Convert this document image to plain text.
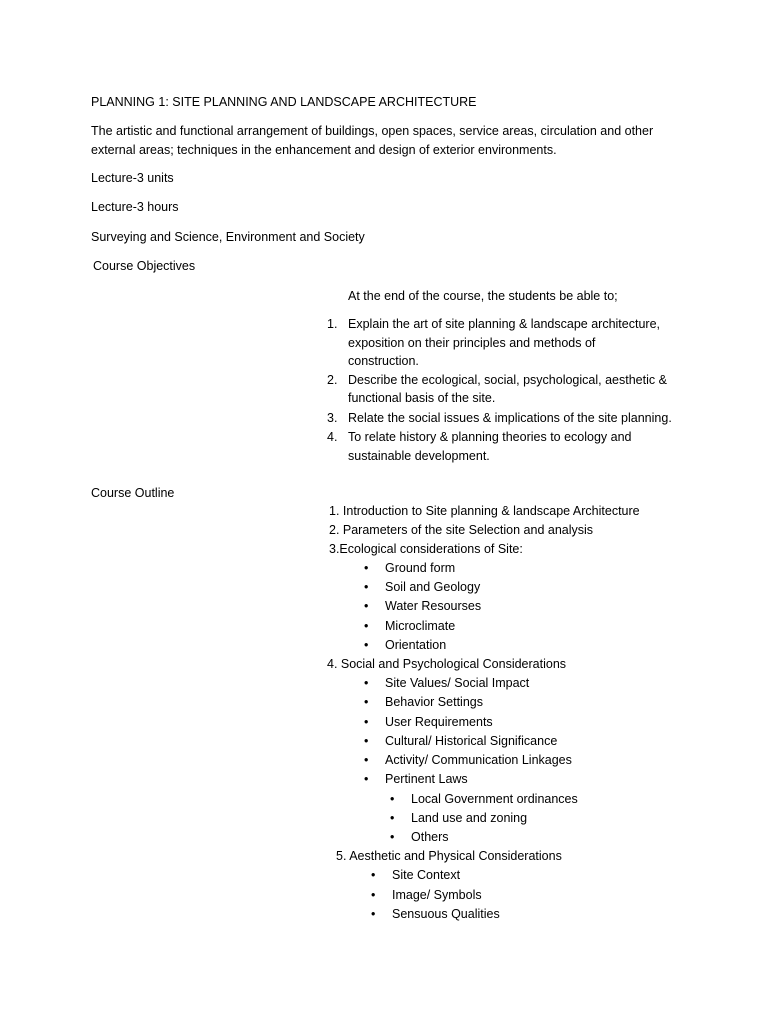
PLANNING 1: SITE PLANNING AND LANDSCAPE ARCHITECTURE
The artistic and functional arrangement of buildings, open spaces, service areas, circulation and other
external areas; techniques in the enhancement and design of exterior environments.
Lecture-3 units
Lecture-3 hours
Surveying and Science, Environment and Society
Course Objectives
At the end of the course, the students be able to;
1. Explain the art of site planning & landscape architecture,
exposition on their principles and methods of
construction.
2. Describe the ecological, social, psychological, aesthetic &
functional basis of the site.
3. Relate the social issues & implications of the site planning.
4. To relate history & planning theories to ecology and
sustainable development.
Course Outline
1. Introduction to Site planning & landscape Architecture
2. Parameters of the site Selection and analysis
3.Ecological considerations of Site:
• Ground form
• Soil and Geology
• Water Resourses
• Microclimate
• Orientation
4. Social and Psychological Considerations
• Site Values/ Social Impact
• Behavior Settings
• User Requirements
• Cultural/ Historical Significance
• Activity/ Communication Linkages
• Pertinent Laws
• Local Government ordinances
• Land use and zoning
• Others
5. Aesthetic and Physical Considerations
• Site Context
• Image/ Symbols
• Sensuous Qualities
